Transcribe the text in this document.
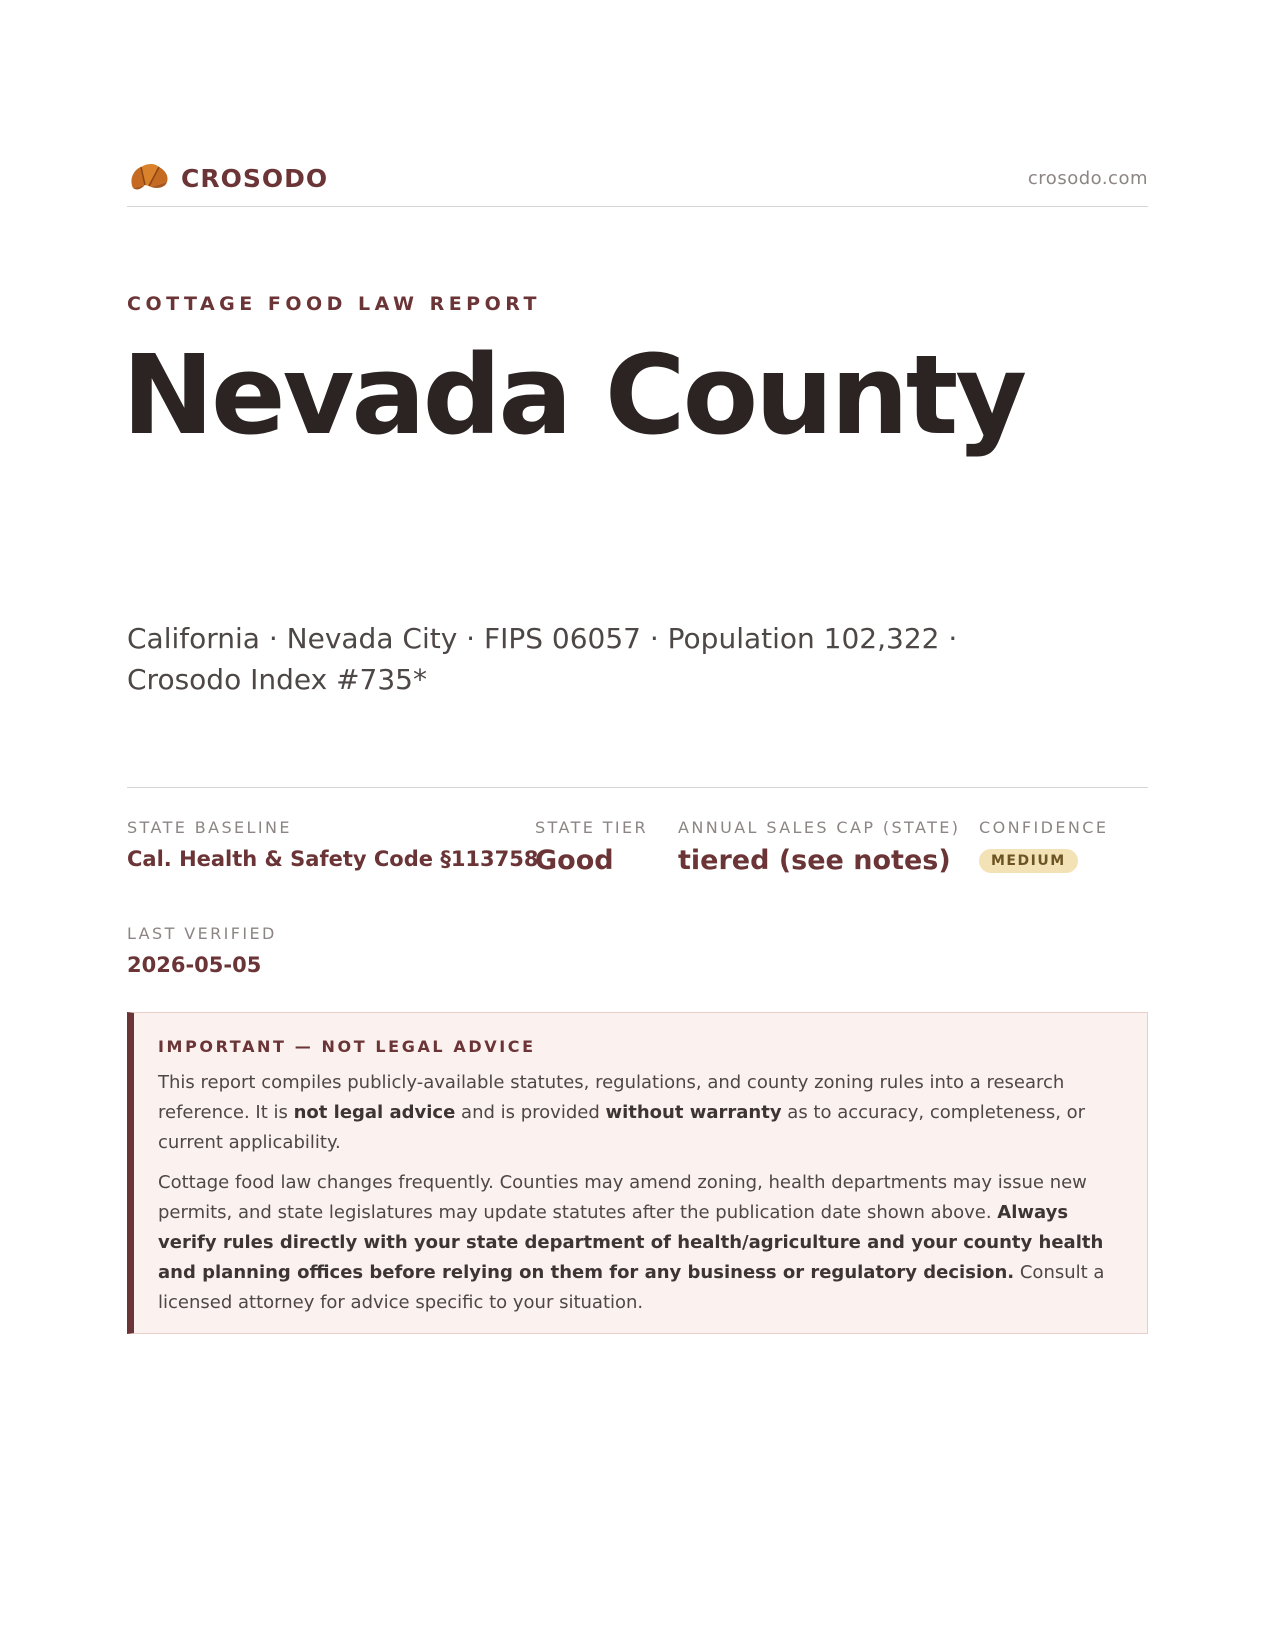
CROSODO	crosodo.com
COTTAGE FOOD LAW REPORT
Nevada County
California · Nevada City · FIPS 06057 · Population 102,322 · Crosodo Index #735*
STATE BASELINE
Cal. Health & Safety Code §113758
STATE TIER
Good
ANNUAL SALES CAP (STATE)
tiered (see notes)
CONFIDENCE
MEDIUM
LAST VERIFIED
2026-05-05
IMPORTANT — NOT LEGAL ADVICE

This report compiles publicly-available statutes, regulations, and county zoning rules into a research reference. It is not legal advice and is provided without warranty as to accuracy, completeness, or current applicability.

Cottage food law changes frequently. Counties may amend zoning, health departments may issue new permits, and state legislatures may update statutes after the publication date shown above. Always verify rules directly with your state department of health/agriculture and your county health and planning offices before relying on them for any business or regulatory decision. Consult a licensed attorney for advice specific to your situation.
